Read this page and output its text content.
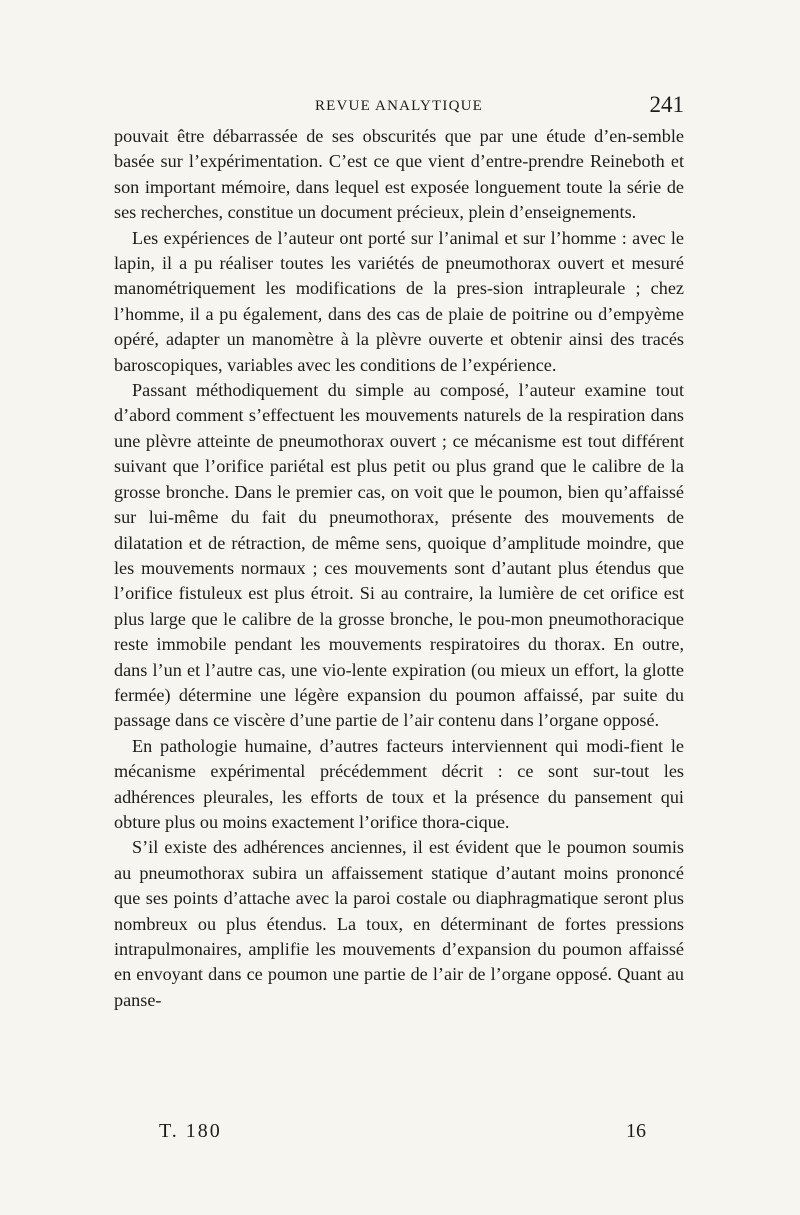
REVUE ANALYTIQUE	241

pouvait être débarrassée de ses obscurités que par une étude d’en-semble basée sur l’expérimentation. C’est ce que vient d’entre-prendre Reineboth et son important mémoire, dans lequel est exposée longuement toute la série de ses recherches, constitue un document précieux, plein d’enseignements.

Les expériences de l’auteur ont porté sur l’animal et sur l’homme : avec le lapin, il a pu réaliser toutes les variétés de pneumothorax ouvert et mesuré manométriquement les modifications de la pres-sion intrapleurale ; chez l’homme, il a pu également, dans des cas de plaie de poitrine ou d’empyème opéré, adapter un manomètre à la plèvre ouverte et obtenir ainsi des tracés baroscopiques, variables avec les conditions de l’expérience.

Passant méthodiquement du simple au composé, l’auteur examine tout d’abord comment s’effectuent les mouvements naturels de la respiration dans une plèvre atteinte de pneumothorax ouvert ; ce mécanisme est tout différent suivant que l’orifice pariétal est plus petit ou plus grand que le calibre de la grosse bronche. Dans le premier cas, on voit que le poumon, bien qu’affaissé sur lui-même du fait du pneumothorax, présente des mouvements de dilatation et de rétraction, de même sens, quoique d’amplitude moindre, que les mouvements normaux ; ces mouvements sont d’autant plus étendus que l’orifice fistuleux est plus étroit. Si au contraire, la lumière de cet orifice est plus large que le calibre de la grosse bronche, le pou-mon pneumothoracique reste immobile pendant les mouvements respiratoires du thorax. En outre, dans l’un et l’autre cas, une vio-lente expiration (ou mieux un effort, la glotte fermée) détermine une légère expansion du poumon affaissé, par suite du passage dans ce viscère d’une partie de l’air contenu dans l’organe opposé.

En pathologie humaine, d’autres facteurs interviennent qui modi-fient le mécanisme expérimental précédemment décrit : ce sont sur-tout les adhérences pleurales, les efforts de toux et la présence du pansement qui obture plus ou moins exactement l’orifice thora-cique.

S’il existe des adhérences anciennes, il est évident que le poumon soumis au pneumothorax subira un affaissement statique d’autant moins prononcé que ses points d’attache avec la paroi costale ou diaphragmatique seront plus nombreux ou plus étendus. La toux, en déterminant de fortes pressions intrapulmonaires, amplifie les mouvements d’expansion du poumon affaissé en envoyant dans ce poumon une partie de l’air de l’organe opposé. Quant au panse-

T. 180	16
